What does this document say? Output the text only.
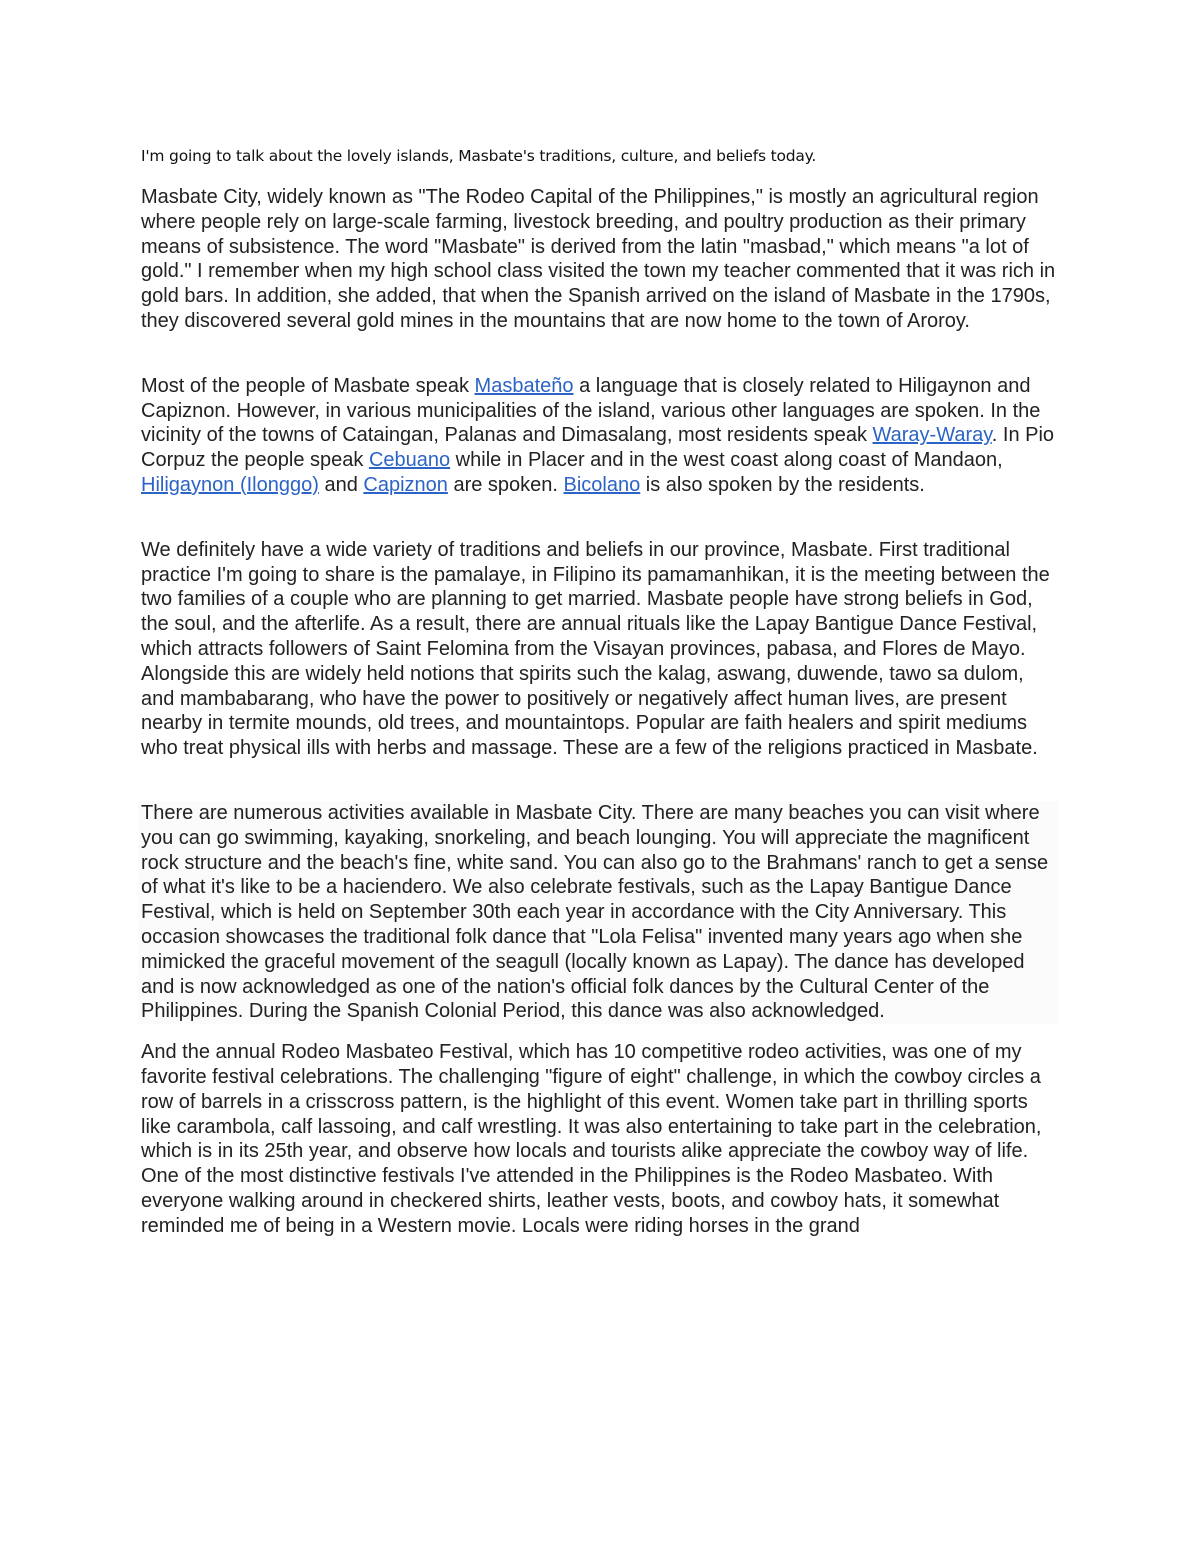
I'm going to talk about the lovely islands, Masbate's traditions, culture, and beliefs today.

Masbate City, widely known as "The Rodeo Capital of the Philippines," is mostly an agricultural region where people rely on large-scale farming, livestock breeding, and poultry production as their primary means of subsistence. The word "Masbate" is derived from the latin "masbad," which means "a lot of gold." I remember when my high school class visited the town my teacher commented that it was rich in gold bars. In addition, she added, that when the Spanish arrived on the island of Masbate in the 1790s, they discovered several gold mines in the mountains that are now home to the town of Aroroy.

Most of the people of Masbate speak Masbateño a language that is closely related to Hiligaynon and Capiznon. However, in various municipalities of the island, various other languages are spoken. In the vicinity of the towns of Cataingan, Palanas and Dimasalang, most residents speak Waray-Waray. In Pio Corpuz the people speak Cebuano while in Placer and in the west coast along coast of Mandaon, Hiligaynon (Ilonggo) and Capiznon are spoken. Bicolano is also spoken by the residents.

We definitely have a wide variety of traditions and beliefs in our province, Masbate. First traditional practice I'm going to share is the pamalaye, in Filipino its pamamanhikan, it is the meeting between the two families of a couple who are planning to get married. Masbate people have strong beliefs in God, the soul, and the afterlife. As a result, there are annual rituals like the Lapay Bantigue Dance Festival, which attracts followers of Saint Felomina from the Visayan provinces, pabasa, and Flores de Mayo. Alongside this are widely held notions that spirits such the kalag, aswang, duwende, tawo sa dulom, and mambabarang, who have the power to positively or negatively affect human lives, are present nearby in termite mounds, old trees, and mountaintops. Popular are faith healers and spirit mediums who treat physical ills with herbs and massage. These are a few of the religions practiced in Masbate.

There are numerous activities available in Masbate City. There are many beaches you can visit where you can go swimming, kayaking, snorkeling, and beach lounging. You will appreciate the magnificent rock structure and the beach's fine, white sand. You can also go to the Brahmans' ranch to get a sense of what it's like to be a haciendero. We also celebrate festivals, such as the Lapay Bantigue Dance Festival, which is held on September 30th each year in accordance with the City Anniversary. This occasion showcases the traditional folk dance that "Lola Felisa" invented many years ago when she mimicked the graceful movement of the seagull (locally known as Lapay). The dance has developed and is now acknowledged as one of the nation's official folk dances by the Cultural Center of the Philippines. During the Spanish Colonial Period, this dance was also acknowledged.

And the annual Rodeo Masbateo Festival, which has 10 competitive rodeo activities, was one of my favorite festival celebrations. The challenging "figure of eight" challenge, in which the cowboy circles a row of barrels in a crisscross pattern, is the highlight of this event. Women take part in thrilling sports like carambola, calf lassoing, and calf wrestling. It was also entertaining to take part in the celebration, which is in its 25th year, and observe how locals and tourists alike appreciate the cowboy way of life.

One of the most distinctive festivals I've attended in the Philippines is the Rodeo Masbateo. With everyone walking around in checkered shirts, leather vests, boots, and cowboy hats, it somewhat reminded me of being in a Western movie. Locals were riding horses in the grand
